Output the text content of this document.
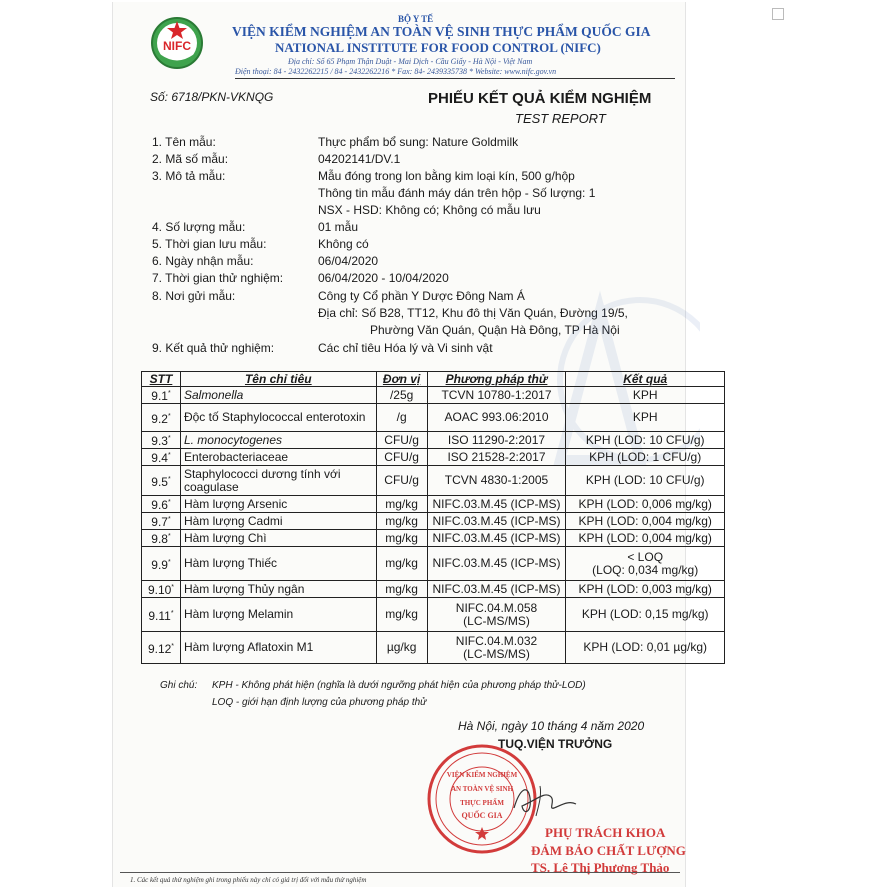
NIFC
BỘ Y TẾ
VIỆN KIỂM NGHIỆM AN TOÀN VỆ SINH THỰC PHẨM QUỐC GIA
NATIONAL INSTITUTE FOR FOOD CONTROL (NIFC)
Địa chỉ: Số 65 Phạm Thận Duật - Mai Dịch - Cầu Giấy - Hà Nội - Việt Nam
Điện thoại: 84 - 2432262215 / 84 - 2432262216 * Fax: 84- 2439335738 * Website: www.nifc.gov.vn
Số: 6718/PKN-VKNQG	PHIẾU KẾT QUẢ KIỂM NGHIỆM
TEST REPORT
1. Tên mẫu:	Thực phẩm bổ sung: Nature Goldmilk
2. Mã số mẫu:	04202141/DV.1
3. Mô tả mẫu:	Mẫu đóng trong lon bằng kim loại kín, 500 g/hộp
Thông tin mẫu đánh máy dán trên hộp - Số lượng: 1
NSX - HSD: Không có; Không có mẫu lưu
4. Số lượng mẫu:	01 mẫu
5. Thời gian lưu mẫu:	Không có
6. Ngày nhận mẫu:	06/04/2020
7. Thời gian thử nghiệm:	06/04/2020 - 10/04/2020
8. Nơi gửi mẫu:	Công ty Cổ phần Y Dược Đông Nam Á
Địa chỉ: Số B28, TT12, Khu đô thị Văn Quán, Đường 19/5,
Phường Văn Quán, Quận Hà Đông, TP Hà Nội
9. Kết quả thử nghiệm:	Các chỉ tiêu Hóa lý và Vi sinh vật
STT	Tên chỉ tiêu	Đơn vị	Phương pháp thử	Kết quả
9.1*	Salmonella	/25g	TCVN 10780-1:2017	KPH
9.2*	Độc tố Staphylococcal enterotoxin	/g	AOAC 993.06:2010	KPH
9.3*	L. monocytogenes	CFU/g	ISO 11290-2:2017	KPH (LOD: 10 CFU/g)
9.4*	Enterobacteriaceae	CFU/g	ISO 21528-2:2017	KPH (LOD: 1 CFU/g)
9.5*	Staphylococci dương tính với coagulase	CFU/g	TCVN 4830-1:2005	KPH (LOD: 10 CFU/g)
9.6*	Hàm lượng Arsenic	mg/kg	NIFC.03.M.45 (ICP-MS)	KPH (LOD: 0,006 mg/kg)
9.7*	Hàm lượng Cadmi	mg/kg	NIFC.03.M.45 (ICP-MS)	KPH (LOD: 0,004 mg/kg)
9.8*	Hàm lượng Chì	mg/kg	NIFC.03.M.45 (ICP-MS)	KPH (LOD: 0,004 mg/kg)
9.9*	Hàm lượng Thiếc	mg/kg	NIFC.03.M.45 (ICP-MS)	< LOQ
(LOQ: 0,034 mg/kg)

9.10*	Hàm lượng Thủy ngân	mg/kg	NIFC.03.M.45 (ICP-MS)	KPH (LOD: 0,003 mg/kg)
9.11*	Hàm lượng Melamin	mg/kg	NIFC.04.M.058
(LC-MS/MS)	KPH (LOD: 0,15 mg/kg)
9.12*	Hàm lượng Aflatoxin M1	µg/kg	NIFC.04.M.032
(LC-MS/MS)	KPH (LOD: 0,01 µg/kg)
Ghi chú: KPH - Không phát hiện (nghĩa là dưới ngưỡng phát hiện của phương pháp thử-LOD)
LOQ - giới hạn định lượng của phương pháp thử
Hà Nội, ngày 10 tháng 4 năm 2020
TUQ.VIỆN TRƯỞNG
VIỆN KIỂM NGHIỆM
AN TOÀN VỆ SINH
THỰC PHẨM
QUỐC GIA
PHỤ TRÁCH KHOA
ĐẢM BẢO CHẤT LƯỢNG
TS. Lê Thị Phương Thảo
1. Các kết quả thử nghiệm ghi trong phiếu này chỉ có giá trị đối với mẫu thử nghiệm
